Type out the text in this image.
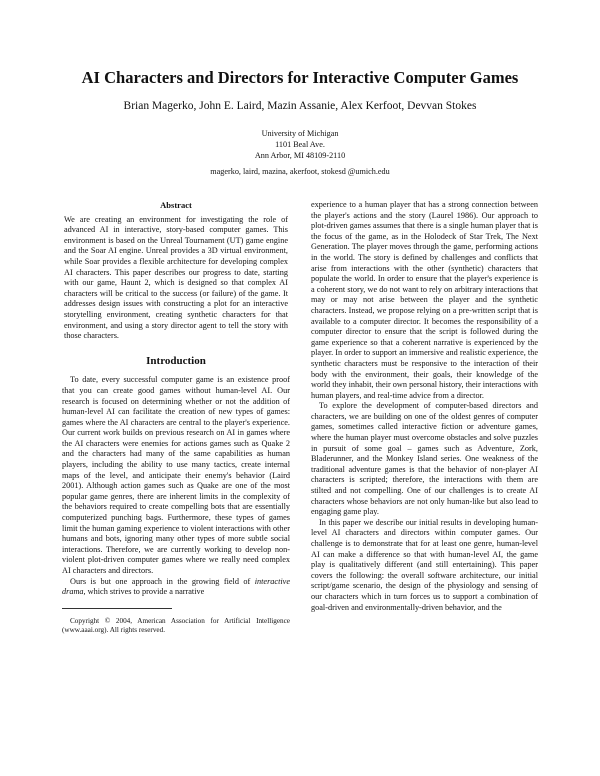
AI Characters and Directors for Interactive Computer Games
Brian Magerko, John E. Laird, Mazin Assanie, Alex Kerfoot, Devvan Stokes
University of Michigan
1101 Beal Ave.
Ann Arbor, MI 48109-2110
magerko, laird, mazina, akerfoot, stokesd @umich.edu
Abstract

We are creating an environment for investigating the role of advanced AI in interactive, story-based computer games. This environment is based on the Unreal Tournament (UT) game engine and the Soar AI engine. Unreal provides a 3D virtual environment, while Soar provides a flexible architecture for developing complex AI characters. This paper describes our progress to date, starting with our game, Haunt 2, which is designed so that complex AI characters will be critical to the success (or failure) of the game. It addresses design issues with constructing a plot for an interactive storytelling environment, creating synthetic characters for that environment, and using a story director agent to tell the story with those characters.

Introduction

To date, every successful computer game is an existence proof that you can create good games without human-level AI. Our research is focused on determining whether or not the addition of human-level AI can facilitate the creation of new types of games: games where the AI characters are central to the player's experience. Our current work builds on previous research on AI in games where the AI characters were enemies for actions games such as Quake 2 and the characters had many of the same capabilities as human players, including the ability to use many tactics, create internal maps of the level, and anticipate their enemy's behavior (Laird 2001). Although action games such as Quake are one of the most popular game genres, there are inherent limits in the complexity of the behaviors required to create compelling bots that are essentially computerized punching bags. Furthermore, these types of games limit the human gaming experience to violent interactions with other humans and bots, ignoring many other types of more subtle social interactions. Therefore, we are currently working to develop non-violent plot-driven computer games where we really need complex AI characters and directors.

Ours is but one approach in the growing field of interactive drama, which strives to provide a narrative

Copyright © 2004, American Association for Artificial Intelligence (www.aaai.org). All rights reserved.

experience to a human player that has a strong connection between the player's actions and the story (Laurel 1986). Our approach to plot-driven games assumes that there is a single human player that is the focus of the game, as in the Holodeck of Star Trek, The Next Generation. The player moves through the game, performing actions in the world. The story is defined by challenges and conflicts that arise from interactions with the other (synthetic) characters that populate the world. In order to ensure that the player's experience is a coherent story, we do not want to rely on arbitrary interactions that may or may not arise between the player and the synthetic characters. Instead, we propose relying on a pre-written script that is available to a computer director. It becomes the responsibility of a computer director to ensure that the script is followed during the game experience so that a coherent narrative is experienced by the player. In order to support an immersive and realistic experience, the synthetic characters must be responsive to the interaction of their body with the environment, their goals, their knowledge of the world they inhabit, their own personal history, their interactions with human players, and real-time advice from a director.

To explore the development of computer-based directors and characters, we are building on one of the oldest genres of computer games, sometimes called interactive fiction or adventure games, where the human player must overcome obstacles and solve puzzles in pursuit of some goal – games such as Adventure, Zork, Bladerunner, and the Monkey Island series. One weakness of the traditional adventure games is that the behavior of non-player AI characters is scripted; therefore, the interactions with them are stilted and not compelling. One of our challenges is to create AI characters whose behaviors are not only human-like but also lead to engaging game play.

In this paper we describe our initial results in developing human-level AI characters and directors within computer games. Our challenge is to demonstrate that for at least one genre, human-level AI can make a difference so that with human-level AI, the game play is qualitatively different (and still entertaining). This paper covers the following: the overall software architecture, our initial script/game scenario, the design of the physiology and sensing of our characters which in turn forces us to support a combination of goal-driven and environmentally-driven behavior, and the
